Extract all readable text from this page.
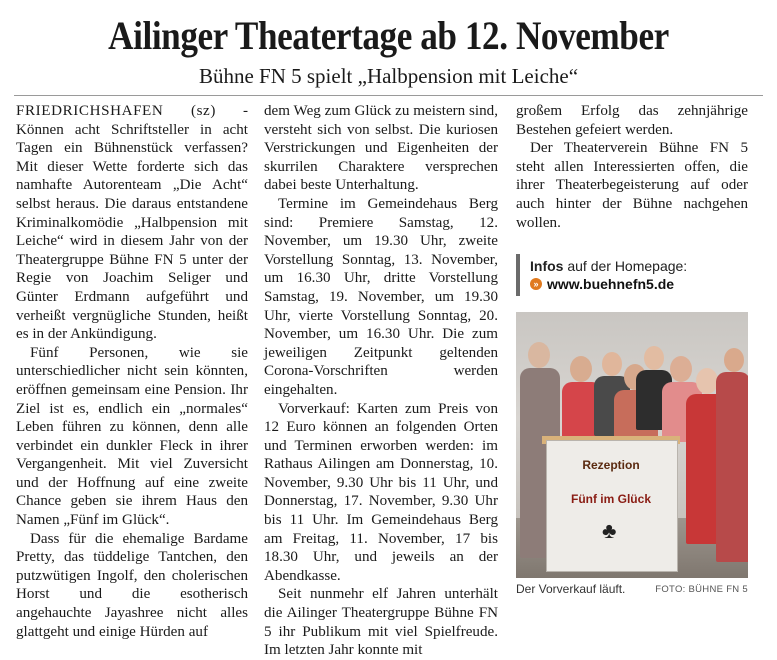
Ailinger Theatertage ab 12. November
Bühne FN 5 spielt „Halbpension mit Leiche“

FRIEDRICHSHAFEN (sz) - Können acht Schriftsteller in acht Tagen ein Bühnenstück verfassen? Mit dieser Wette forderte sich das namhafte Autorenteam „Die Acht“ selbst heraus. Die daraus entstandene Kriminalkomödie „Halbpension mit Leiche“ wird in diesem Jahr von der Theatergruppe Bühne FN 5 unter der Regie von Joachim Seliger und Günter Erdmann aufgeführt und verheißt vergnügliche Stunden, heißt es in der Ankündigung.

Fünf Personen, wie sie unterschiedlicher nicht sein könnten, eröffnen gemeinsam eine Pension. Ihr Ziel ist es, endlich ein „normales“ Leben führen zu können, denn alle verbindet ein dunkler Fleck in ihrer Vergangenheit. Mit viel Zuversicht und der Hoffnung auf eine zweite Chance geben sie ihrem Haus den Namen „Fünf im Glück“.

Dass für die ehemalige Bardame Pretty, das tüddelige Tantchen, den putzwütigen Ingolf, den cholerischen Horst und die esotherisch angehauchte Jayashree nicht alles glattgeht und einige Hürden auf

dem Weg zum Glück zu meistern sind, versteht sich von selbst. Die kuriosen Verstrickungen und Eigenheiten der skurrilen Charaktere versprechen dabei beste Unterhaltung.

Termine im Gemeindehaus Berg sind: Premiere Samstag, 12. November, um 19.30 Uhr, zweite Vorstellung Sonntag, 13. November, um 16.30 Uhr, dritte Vorstellung Samstag, 19. November, um 19.30 Uhr, vierte Vorstellung Sonntag, 20. November, um 16.30 Uhr. Die zum jeweiligen Zeitpunkt geltenden Corona-Vorschriften werden eingehalten.

Vorverkauf: Karten zum Preis von 12 Euro können an folgenden Orten und Terminen erworben werden: im Rathaus Ailingen am Donnerstag, 10. November, 9.30 Uhr bis 11 Uhr, und Donnerstag, 17. November, 9.30 Uhr bis 11 Uhr. Im Gemeindehaus Berg am Freitag, 11. November, 17 bis 18.30 Uhr, und jeweils an der Abendkasse.

Seit nunmehr elf Jahren unterhält die Ailinger Theatergruppe Bühne FN 5 ihr Publikum mit viel Spielfreude. Im letzten Jahr konnte mit

großem Erfolg das zehnjährige Bestehen gefeiert werden.

Der Theaterverein Bühne FN 5 steht allen Interessierten offen, die ihrer Theaterbegeisterung auf oder auch hinter der Bühne nachgehen wollen.

Infos auf der Homepage:
» www.buehnefn5.de
Rezeption
Fünf im Glück
♣
Der Vorverkauf läuft.	FOTO: BÜHNE FN 5
